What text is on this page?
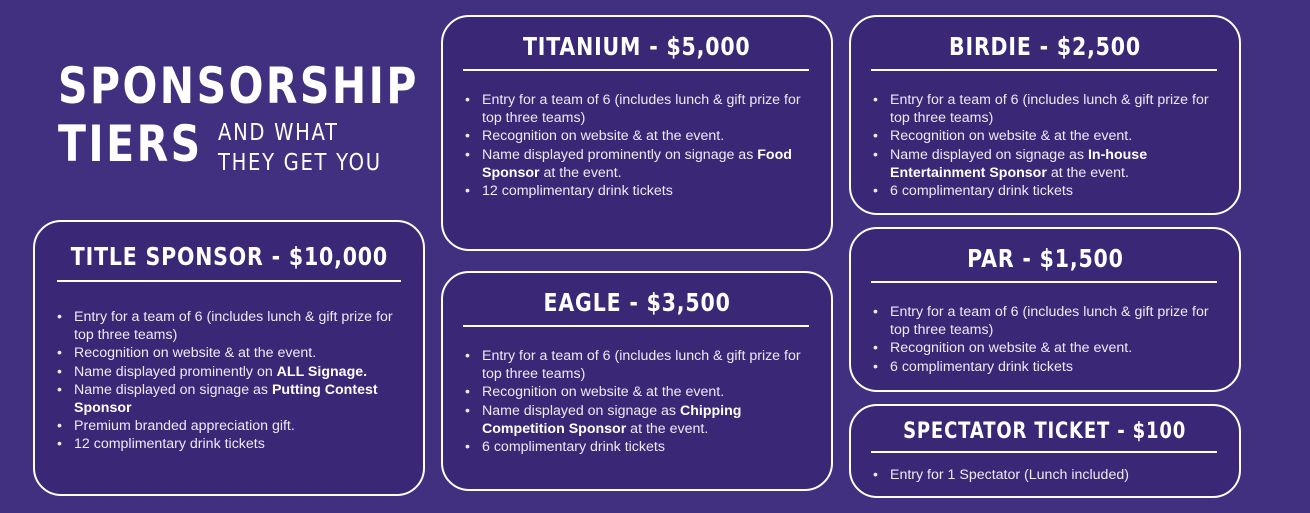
SPONSORSHIP
TIERS AND WHAT
THEY GET YOU
TITLE SPONSOR - $10,000
• Entry for a team of 6 (includes lunch & gift prize for top three teams)
• Recognition on website & at the event.
• Name displayed prominently on ALL Signage.
• Name displayed on signage as Putting Contest Sponsor
• Premium branded appreciation gift.
• 12 complimentary drink tickets
TITANIUM - $5,000
• Entry for a team of 6 (includes lunch & gift prize for top three teams)
• Recognition on website & at the event.
• Name displayed prominently on signage as Food Sponsor at the event.
• 12 complimentary drink tickets
EAGLE - $3,500
• Entry for a team of 6 (includes lunch & gift prize for top three teams)
• Recognition on website & at the event.
• Name displayed on signage as Chipping Competition Sponsor at the event.
• 6 complimentary drink tickets
BIRDIE - $2,500
• Entry for a team of 6 (includes lunch & gift prize for top three teams)
• Recognition on website & at the event.
• Name displayed on signage as In-house Entertainment Sponsor at the event.
• 6 complimentary drink tickets
PAR - $1,500
• Entry for a team of 6 (includes lunch & gift prize for top three teams)
• Recognition on website & at the event.
• 6 complimentary drink tickets
SPECTATOR TICKET - $100
• Entry for 1 Spectator (Lunch included)
